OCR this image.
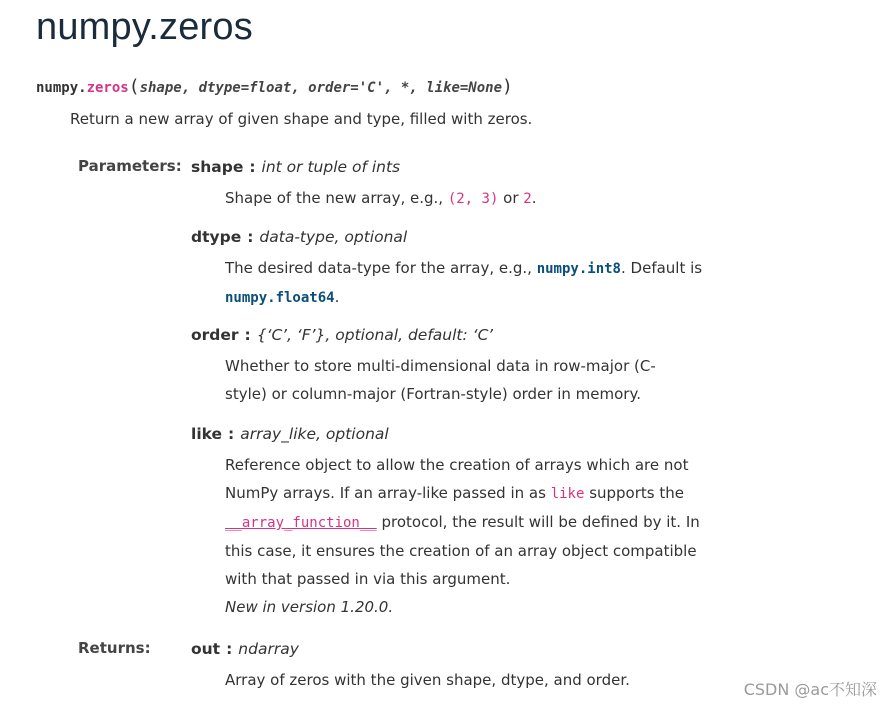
numpy.zeros
numpy.zeros(shape, dtype=float, order='C', *, like=None)
Return a new array of given shape and type, filled with zeros.
Parameters: shape : int or tuple of ints
Shape of the new array, e.g., (2, 3) or 2.
dtype : data-type, optional
The desired data-type for the array, e.g., numpy.int8. Default is numpy.float64.
order : {‘C’, ‘F’}, optional, default: ‘C’
Whether to store multi-dimensional data in row-major (C-style) or column-major (Fortran-style) order in memory.
like : array_like, optional
Reference object to allow the creation of arrays which are not NumPy arrays. If an array-like passed in as like supports the __array_function__ protocol, the result will be defined by it. In this case, it ensures the creation of an array object compatible with that passed in via this argument.
New in version 1.20.0.
Returns:	out : ndarray
Array of zeros with the given shape, dtype, and order.	CSDN @ac不知深
